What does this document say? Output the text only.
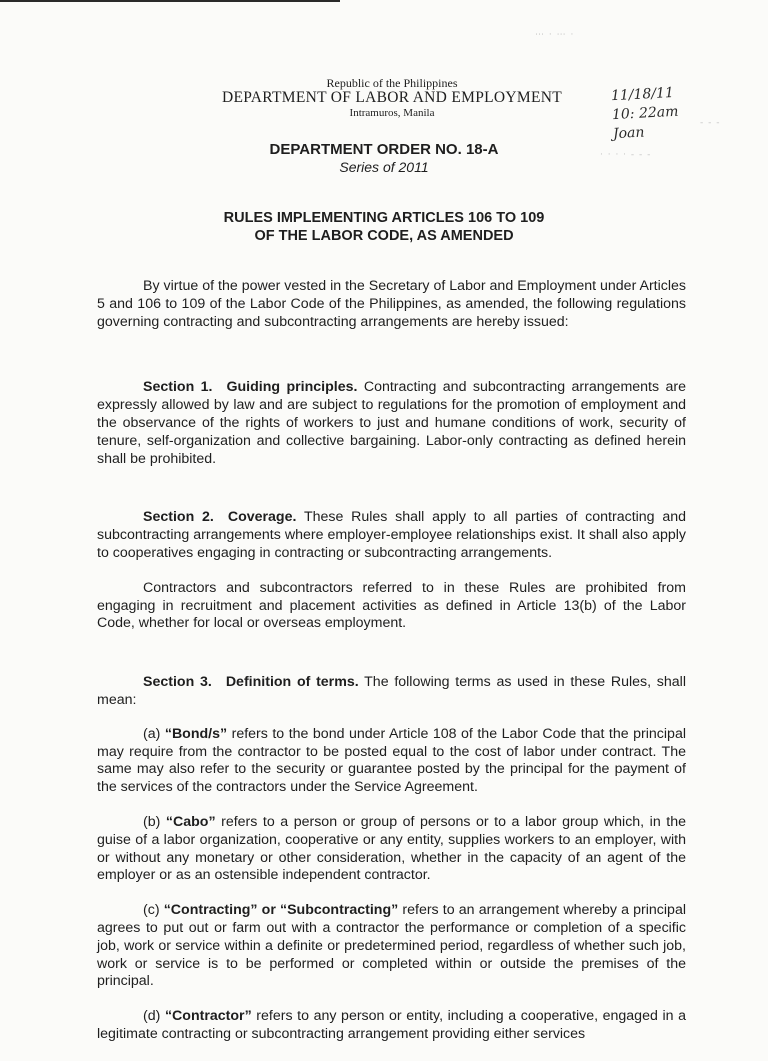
⋯ · ⋯ ·
- - -
· · · · - - -
11/18/11
10: 22am
Joan
Republic of the Philippines
DEPARTMENT OF LABOR AND EMPLOYMENT
Intramuros, Manila
DEPARTMENT ORDER NO. 18-A
Series of 2011
RULES IMPLEMENTING ARTICLES 106 TO 109
OF THE LABOR CODE, AS AMENDED

By virtue of the power vested in the Secretary of Labor and Employment under Articles 5 and 106 to 109 of the Labor Code of the Philippines, as amended, the following regulations governing contracting and subcontracting arrangements are hereby issued:

Section 1. Guiding principles. Contracting and subcontracting arrangements are expressly allowed by law and are subject to regulations for the promotion of employment and the observance of the rights of workers to just and humane conditions of work, security of tenure, self-organization and collective bargaining. Labor-only contracting as defined herein shall be prohibited.

Section 2. Coverage. These Rules shall apply to all parties of contracting and subcontracting arrangements where employer-employee relationships exist. It shall also apply to cooperatives engaging in contracting or subcontracting arrangements.

Contractors and subcontractors referred to in these Rules are prohibited from engaging in recruitment and placement activities as defined in Article 13(b) of the Labor Code, whether for local or overseas employment.

Section 3. Definition of terms. The following terms as used in these Rules, shall mean:

(a) “Bond/s” refers to the bond under Article 108 of the Labor Code that the principal may require from the contractor to be posted equal to the cost of labor under contract. The same may also refer to the security or guarantee posted by the principal for the payment of the services of the contractors under the Service Agreement.

(b) “Cabo” refers to a person or group of persons or to a labor group which, in the guise of a labor organization, cooperative or any entity, supplies workers to an employer, with or without any monetary or other consideration, whether in the capacity of an agent of the employer or as an ostensible independent contractor.

(c) “Contracting” or “Subcontracting” refers to an arrangement whereby a principal agrees to put out or farm out with a contractor the performance or completion of a specific job, work or service within a definite or predetermined period, regardless of whether such job, work or service is to be performed or completed within or outside the premises of the principal.

(d) “Contractor” refers to any person or entity, including a cooperative, engaged in a legitimate contracting or subcontracting arrangement providing either services
